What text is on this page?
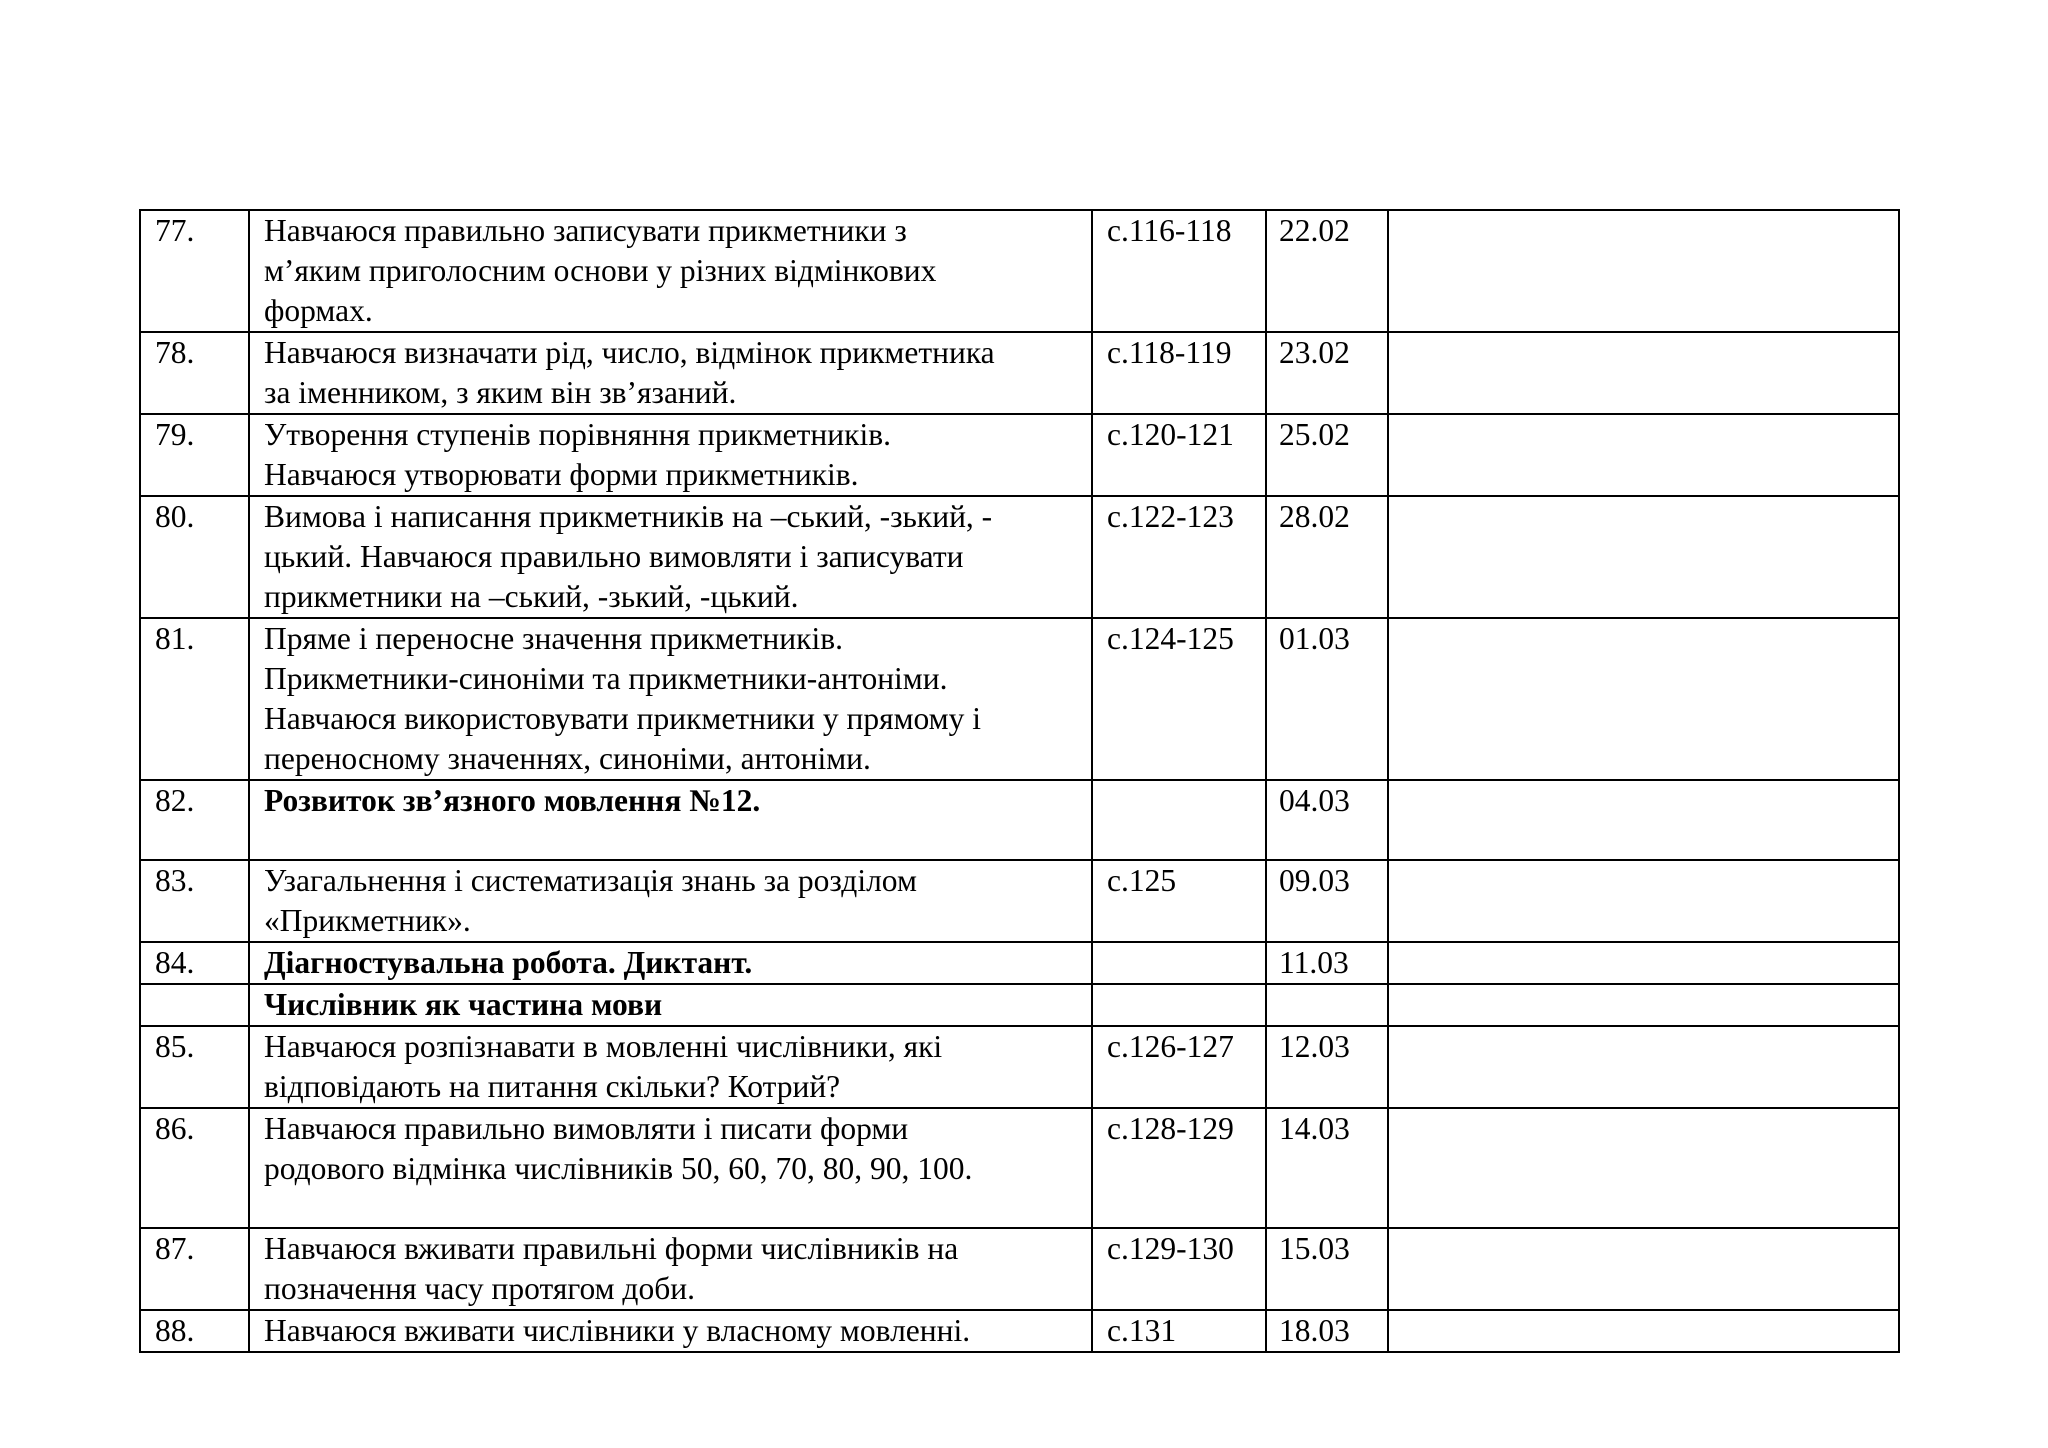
77.	Навчаюся правильно записувати прикметники з
м’яким приголосним основи у різних відмінкових
формах.	с.116-118	22.02	
78.	Навчаюся визначати рід, число, відмінок прикметника
за іменником, з яким він зв’язаний.	с.118-119	23.02	
79.	Утворення ступенів порівняння прикметників.
Навчаюся утворювати форми прикметників.	с.120-121	25.02	
80.	Вимова і написання прикметників на –ський, -зький, -
цький. Навчаюся правильно вимовляти і записувати
прикметники на –ський, -зький, -цький.	с.122-123	28.02	
81.	Пряме і переносне значення прикметників.
Прикметники-синоніми та прикметники-антоніми.
Навчаюся використовувати прикметники у прямому і
переносному значеннях, синоніми, антоніми.	с.124-125	01.03	
82.	Розвиток зв’язного мовлення №12.		04.03	
83.	Узагальнення і систематизація знань за розділом
«Прикметник».	с.125	09.03	
84.	Діагностувальна робота. Диктант.		11.03	

	Числівник як частина мови			

85.	Навчаюся розпізнавати в мовленні числівники, які
відповідають на питання скільки? Котрий?	с.126-127	12.03	
86.	Навчаюся правильно вимовляти і писати форми
родового відмінка числівників 50, 60, 70, 80, 90, 100.	с.128-129	14.03	
87.	Навчаюся вживати правильні форми числівників на
позначення часу протягом доби.	с.129-130	15.03	
88.	Навчаюся вживати числівники у власному мовленні.	с.131	18.03	
